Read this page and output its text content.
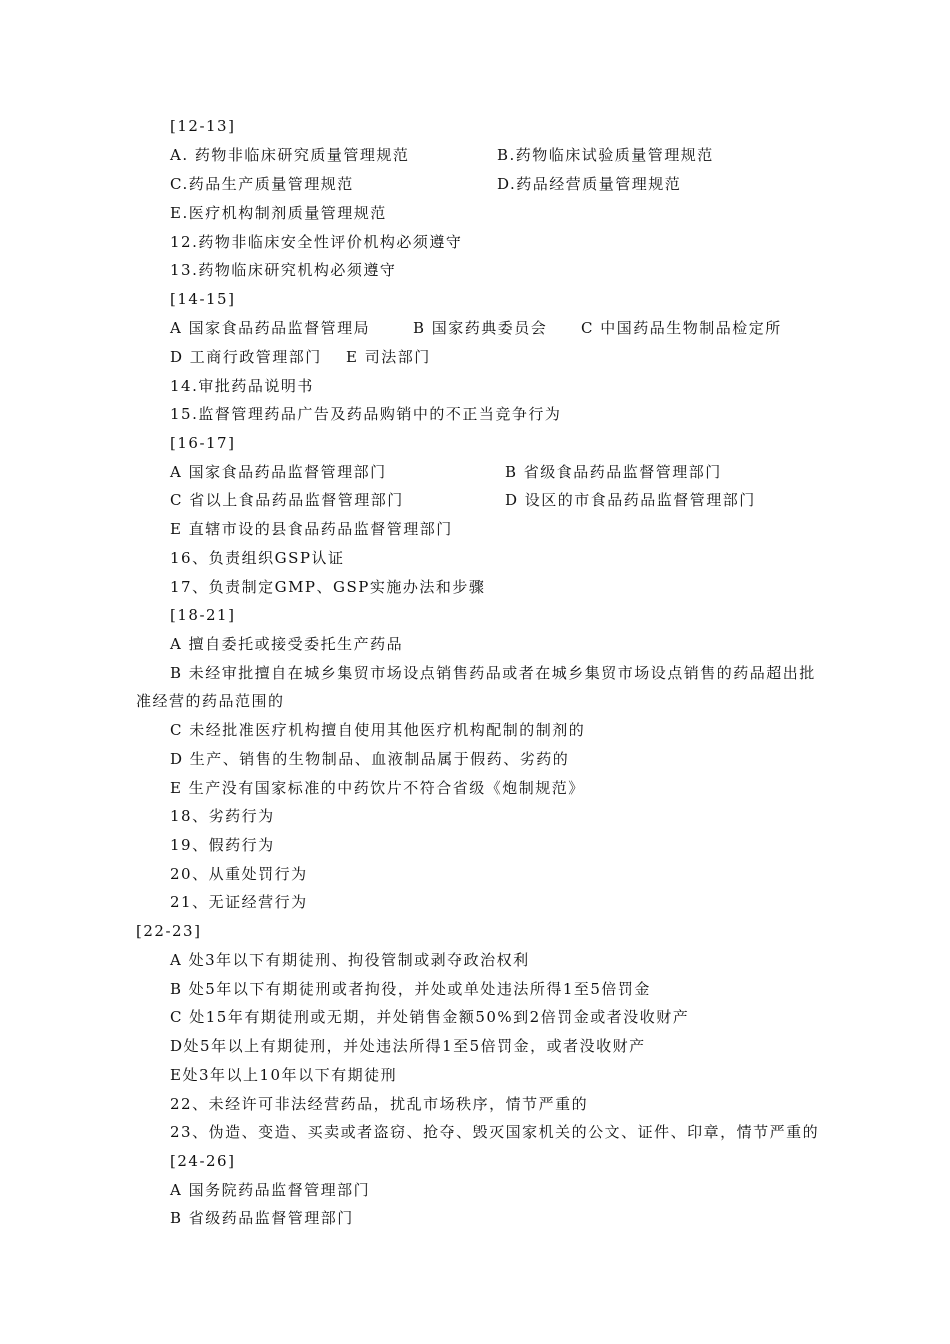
[12-13]
A. 药物非临床研究质量管理规范	B.药物临床试验质量管理规范
C.药品生产质量管理规范	D.药品经营质量管理规范
E.医疗机构制剂质量管理规范
12.药物非临床安全性评价机构必须遵守
13.药物临床研究机构必须遵守
[14-15]
A 国家食品药品监督管理局	B 国家药典委员会 C 中国药品生物制品检定所
D 工商行政管理部门 E 司法部门
14.审批药品说明书
15.监督管理药品广告及药品购销中的不正当竞争行为
[16-17]
A 国家食品药品监督管理部门	B 省级食品药品监督管理部门
C 省以上食品药品监督管理部门	D 设区的市食品药品监督管理部门
E 直辖市设的县食品药品监督管理部门
16、负责组织GSP认证
17、负责制定GMP、GSP实施办法和步骤
[18-21]
A 擅自委托或接受委托生产药品
B 未经审批擅自在城乡集贸市场设点销售药品或者在城乡集贸市场设点销售的药品超出批
准经营的药品范围的
C 未经批准医疗机构擅自使用其他医疗机构配制的制剂的
D 生产、销售的生物制品、血液制品属于假药、劣药的
E 生产没有国家标准的中药饮片不符合省级《炮制规范》
18、劣药行为
19、假药行为
20、从重处罚行为
21、无证经营行为
[22-23]
A 处3年以下有期徒刑、拘役管制或剥夺政治权利
B 处5年以下有期徒刑或者拘役，并处或单处违法所得1至5倍罚金
C 处15年有期徒刑或无期，并处销售金额50%到2倍罚金或者没收财产
D处5年以上有期徒刑，并处违法所得1至5倍罚金，或者没收财产
E处3年以上10年以下有期徒刑
22、未经许可非法经营药品，扰乱市场秩序，情节严重的
23、伪造、变造、买卖或者盗窃、抢夺、毁灭国家机关的公文、证件、印章，情节严重的
[24-26]
A 国务院药品监督管理部门
B 省级药品监督管理部门
